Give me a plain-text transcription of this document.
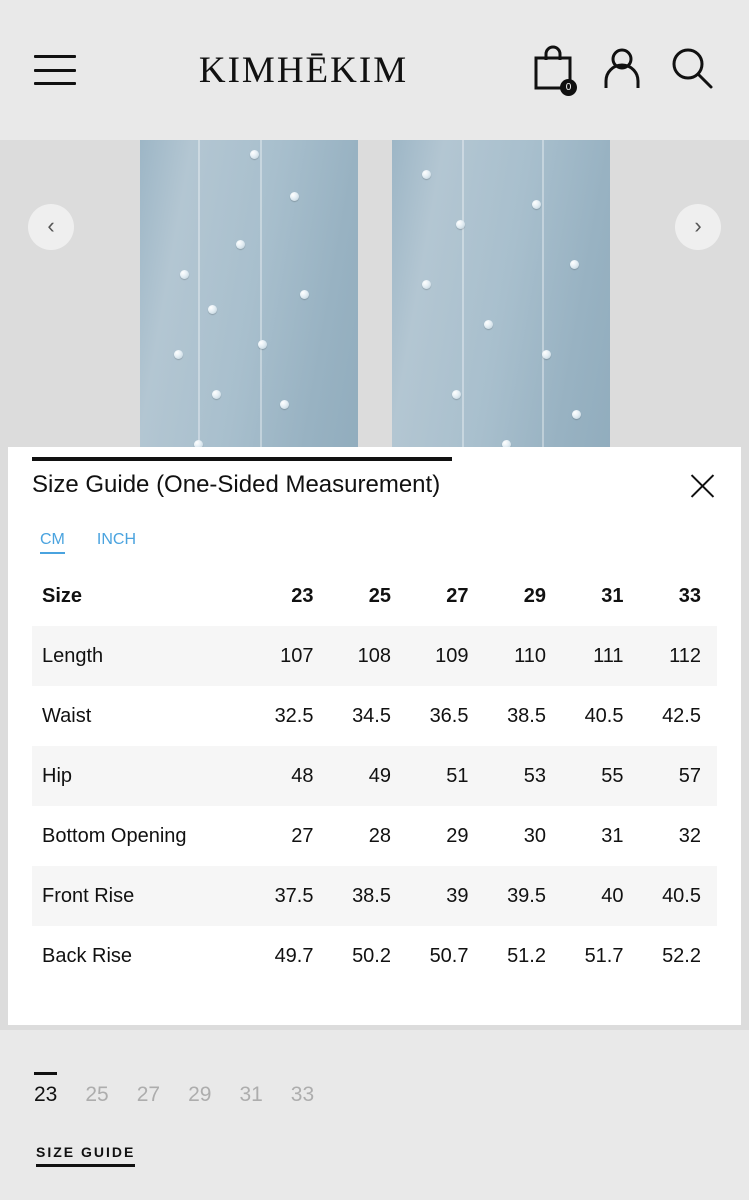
KIMHĒKIM	0
‹	›
23 25 27 29 31 33
SIZE GUIDE
Size Guide (One-Sided Measurement)
CM INCH
Size	23	25	27	29	31	33
Length	107	108	109	110	111	112
Waist	32.5	34.5	36.5	38.5	40.5	42.5
Hip	48	49	51	53	55	57
Bottom Opening	27	28	29	30	31	32
Front Rise	37.5	38.5	39	39.5	40	40.5
Back Rise	49.7	50.2	50.7	51.2	51.7	52.2
